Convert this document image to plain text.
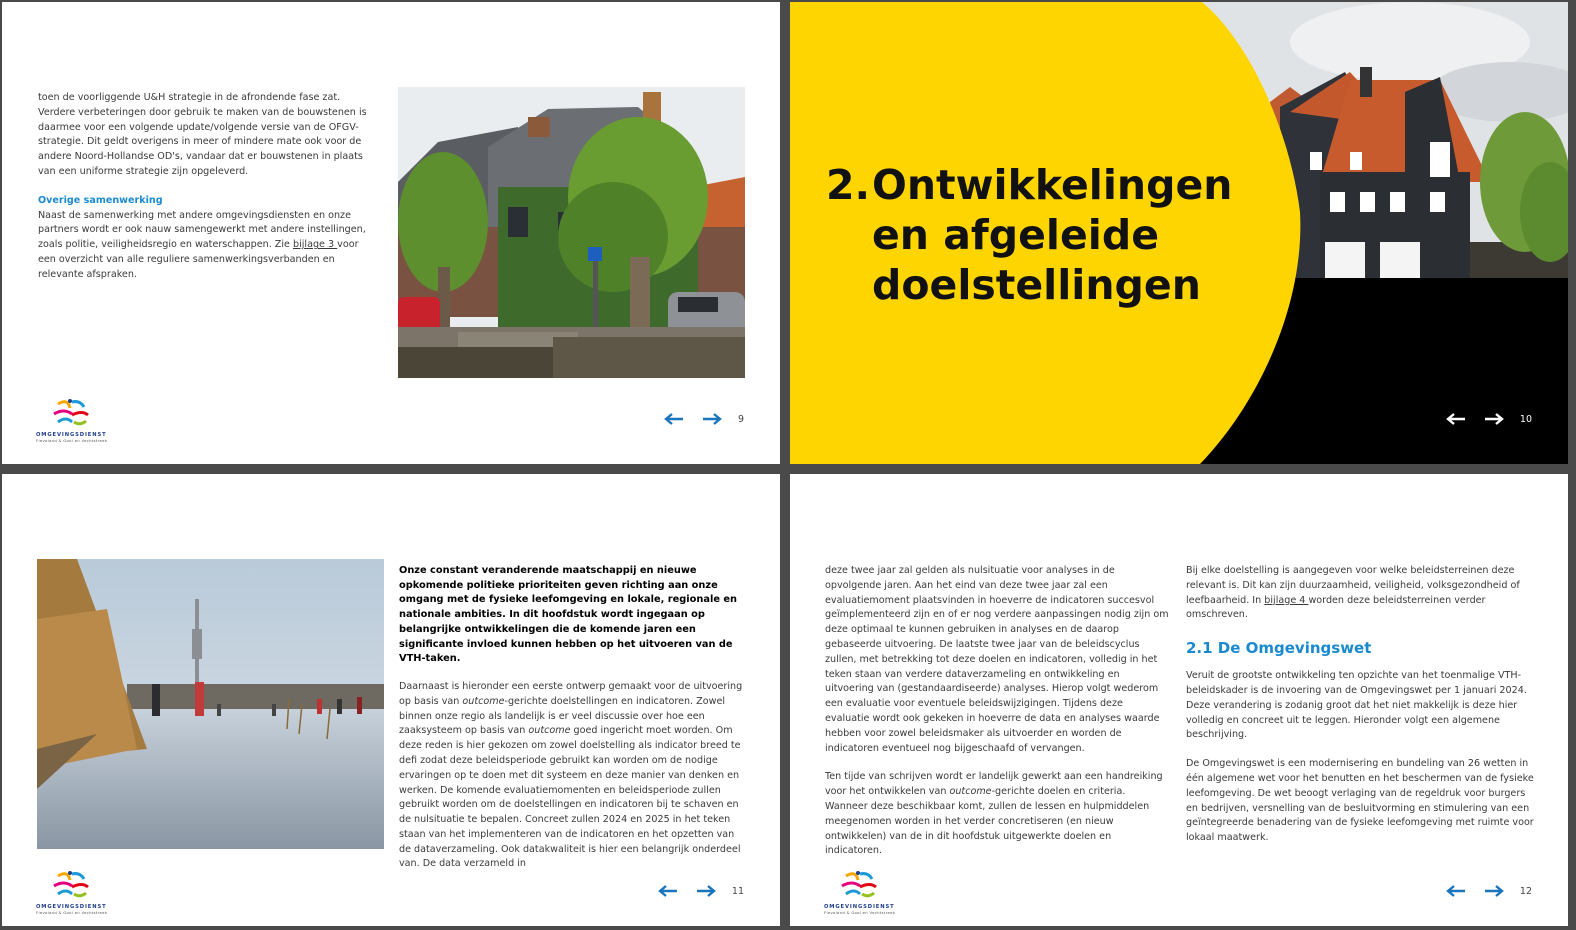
toen de voorliggende U&H strategie in de afrondende fase zat. Verdere verbeteringen door gebruik te maken van de bouwstenen is daarmee voor een volgende update/volgende versie van de OFGV-strategie. Dit geldt overigens in meer of mindere mate ook voor de andere Noord-Hollandse OD's, vandaar dat er bouwstenen in plaats van een uniforme strategie zijn opgeleverd.

Overige samenwerking

Naast de samenwerking met andere omgevingsdiensten en onze partners wordt er ook nauw samengewerkt met andere instellingen, zoals politie, veiligheidsregio en waterschappen. Zie bijlage 3 voor een overzicht van alle reguliere samenwerkingsverbanden en relevante afspraken.

OMGEVINGSDIENST
Flevoland & Gooi en Vechtstreek
9
2. Ontwikkelingen
en afgeleide
doelstellingen
10

Onze constant veranderende maatschappij en nieuwe opkomende politieke prioriteiten geven richting aan onze omgang met de fysieke leefomgeving en lokale, regionale en nationale ambities. In dit hoofdstuk wordt ingegaan op belangrijke ontwikkelingen die de komende jaren een significante invloed kunnen hebben op het uitvoeren van de VTH-taken.

Daarnaast is hieronder een eerste ontwerp gemaakt voor de uitvoering op basis van outcome-gerichte doelstellingen en indicatoren. Zowel binnen onze regio als landelijk is er veel discussie over hoe een zaaksysteem op basis van outcome goed ingericht moet worden. Om deze reden is hier gekozen om zowel doelstelling als indicator breed te defi zodat deze beleidsperiode gebruikt kan worden om de nodige ervaringen op te doen met dit systeem en deze manier van denken en werken. De komende evaluatiemomenten en beleidsperiode zullen gebruikt worden om de doelstellingen en indicatoren bij te schaven en de nulsituatie te bepalen. Concreet zullen 2024 en 2025 in het teken staan van het implementeren van de indicatoren en het opzetten van de dataverzameling. Ook datakwaliteit is hier een belangrijk onderdeel van. De data verzameld in

OMGEVINGSDIENST
Flevoland & Gooi en Vechtstreek
11

deze twee jaar zal gelden als nulsituatie voor analyses in de opvolgende jaren. Aan het eind van deze twee jaar zal een evaluatiemoment plaatsvinden in hoeverre de indicatoren succesvol geïmplementeerd zijn en of er nog verdere aanpassingen nodig zijn om deze optimaal te kunnen gebruiken in analyses en de daarop gebaseerde uitvoering. De laatste twee jaar van de beleidscyclus zullen, met betrekking tot deze doelen en indicatoren, volledig in het teken staan van verdere dataverzameling en ontwikkeling en uitvoering van (gestandaardiseerde) analyses. Hierop volgt wederom een evaluatie voor eventuele beleidswijzigingen. Tijdens deze evaluatie wordt ook gekeken in hoeverre de data en analyses waarde hebben voor zowel beleidsmaker als uitvoerder en worden de indicatoren eventueel nog bijgeschaafd of vervangen.

Ten tijde van schrijven wordt er landelijk gewerkt aan een handreiking voor het ontwikkelen van outcome-gerichte doelen en criteria. Wanneer deze beschikbaar komt, zullen de lessen en hulpmiddelen meegenomen worden in het verder concretiseren (en nieuw ontwikkelen) van de in dit hoofdstuk uitgewerkte doelen en indicatoren.

Bij elke doelstelling is aangegeven voor welke beleidsterreinen deze relevant is. Dit kan zijn duurzaamheid, veiligheid, volksgezondheid of leefbaarheid. In bijlage 4 worden deze beleidsterreinen verder omschreven.

2.1 De Omgevingswet

Veruit de grootste ontwikkeling ten opzichte van het toenmalige VTH-beleidskader is de invoering van de Omgevingswet per 1 januari 2024. Deze verandering is zodanig groot dat het niet makkelijk is deze hier volledig en concreet uit te leggen. Hieronder volgt een algemene beschrijving.

De Omgevingswet is een modernisering en bundeling van 26 wetten in één algemene wet voor het benutten en het beschermen van de fysieke leefomgeving. De wet beoogt verlaging van de regeldruk voor burgers en bedrijven, versnelling van de besluitvorming en stimulering van een geïntegreerde benadering van de fysieke leefomgeving met ruimte voor lokaal maatwerk.

OMGEVINGSDIENST
Flevoland & Gooi en Vechtstreek
12
